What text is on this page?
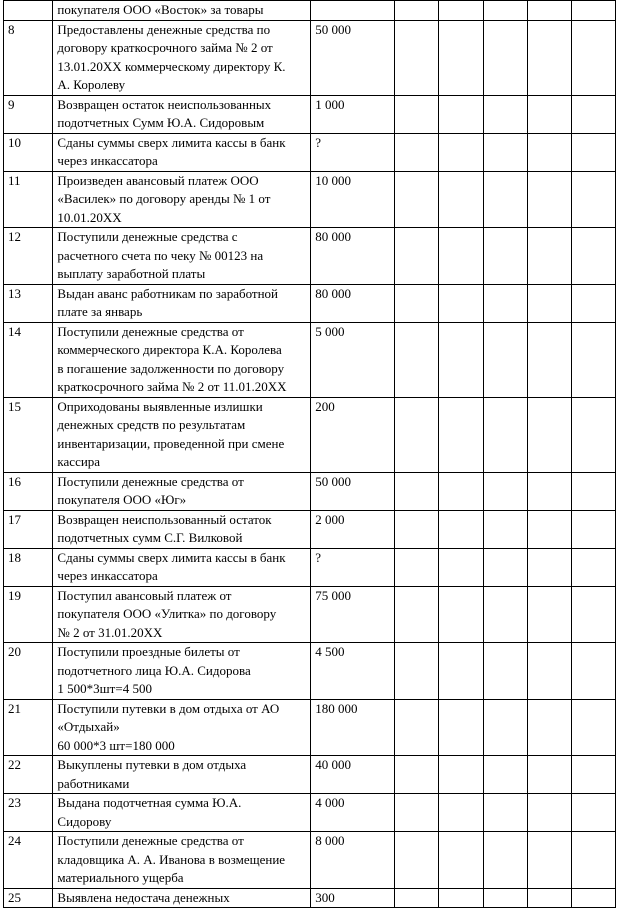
	покупателя ООО «Восток» за товары						

8	Предоставлены денежные средства по
договору краткосрочного займа № 2 от
13.01.20ХХ коммерческому директору К.
А. Королеву	50 000					
9	Возвращен остаток неиспользованных
подотчетных Сумм Ю.А. Сидоровым	1 000					
10	Сданы суммы сверх лимита кассы в банк
через инкассатора	?					
11	Произведен авансовый платеж ООО
«Василек» по договору аренды № 1 от
10.01.20ХХ	10 000					
12	Поступили денежные средства с
расчетного счета по чеку № 00123 на
выплату заработной платы	80 000					
13	Выдан аванс работникам по заработной
плате за январь	80 000					
14	Поступили денежные средства от
коммерческого директора К.А. Королева
в погашение задолженности по договору
краткосрочного займа № 2 от 11.01.20ХХ	5 000					
15	Оприходованы выявленные излишки
денежных средств по результатам
инвентаризации, проведенной при смене
кассира	200					
16	Поступили денежные средства от
покупателя ООО «Юг»	50 000					
17	Возвращен неиспользованный остаток
подотчетных сумм С.Г. Вилковой	2 000					
18	Сданы суммы сверх лимита кассы в банк
через инкассатора	?					
19	Поступил авансовый платеж от
покупателя ООО «Улитка» по договору
№ 2 от 31.01.20ХХ	75 000					
20	Поступили проездные билеты от
подотчетного лица Ю.А. Сидорова
1 500*3шт=4 500	4 500					
21	Поступили путевки в дом отдыха от АО
«Отдыхай»
60 000*3 шт=180 000	180 000					
22	Выкуплены путевки в дом отдыха
работниками	40 000					
23	Выдана подотчетная сумма Ю.А.
Сидорову	4 000					
24	Поступили денежные средства от
кладовщика А. А. Иванова в возмещение
материального ущерба	8 000					
25	Выявлена недостача денежных	300					
